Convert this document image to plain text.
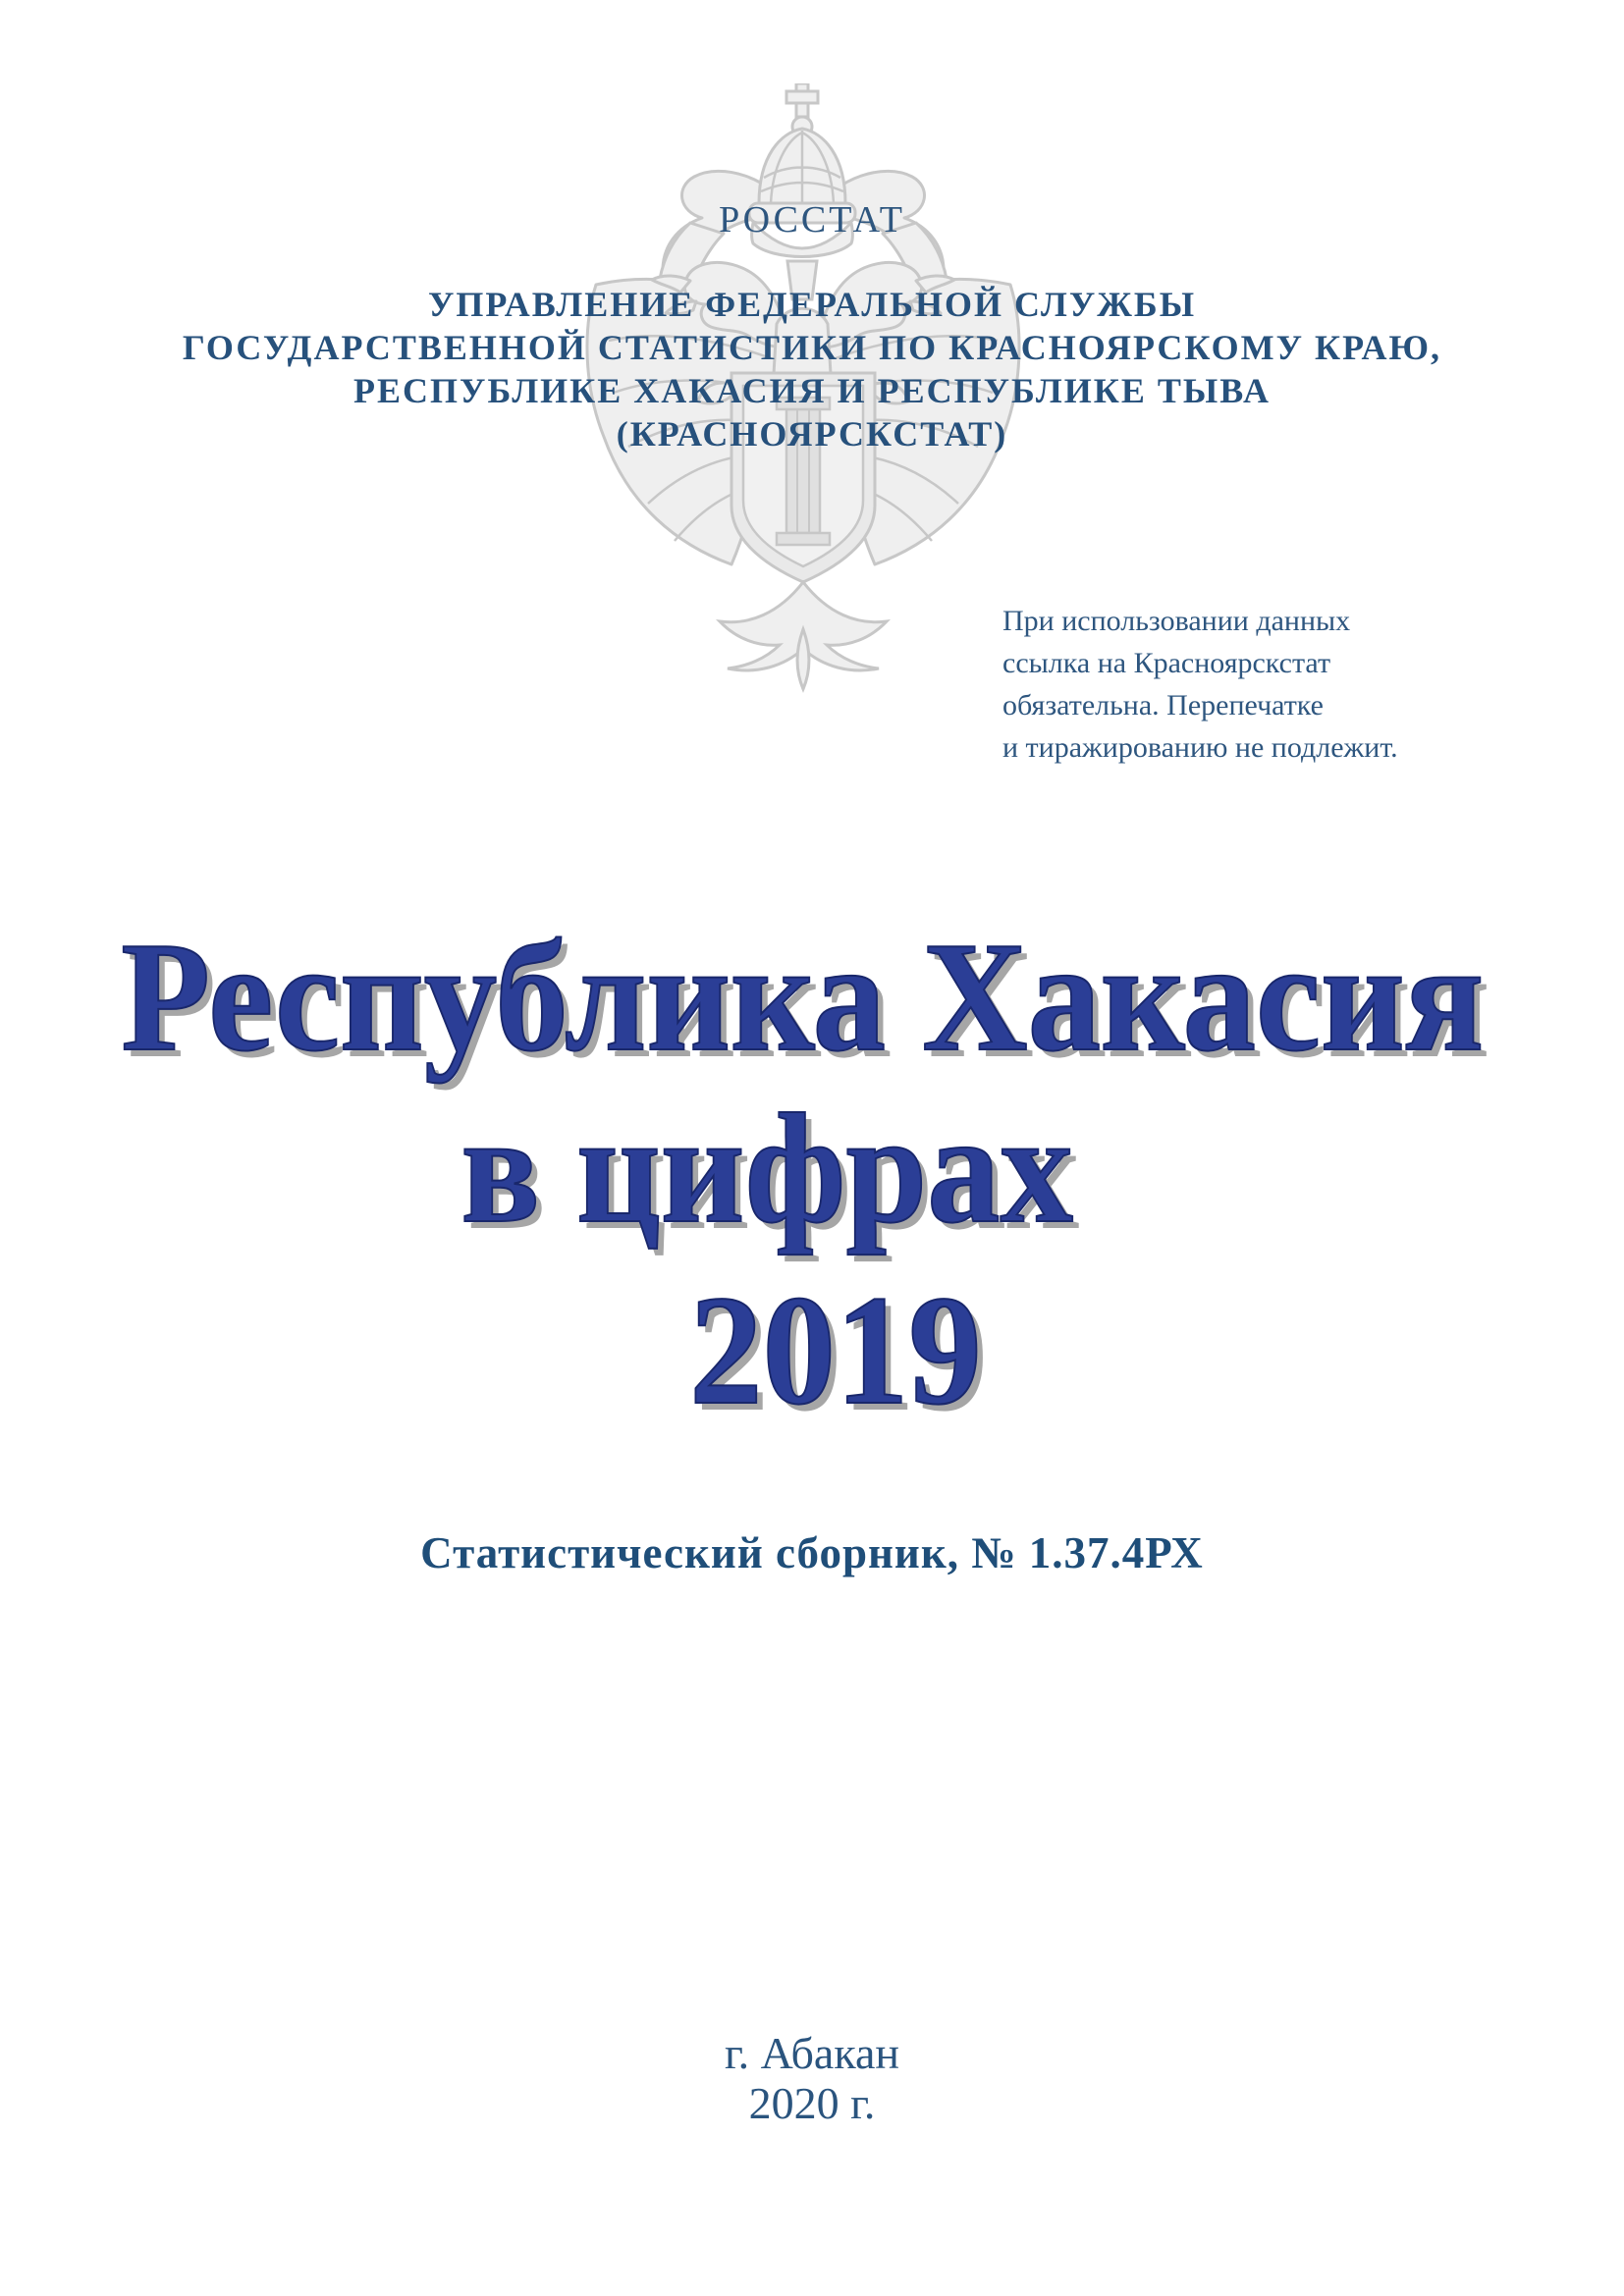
РОССТАТ
УПРАВЛЕНИЕ ФЕДЕРАЛЬНОЙ СЛУЖБЫ
ГОСУДАРСТВЕННОЙ СТАТИСТИКИ ПО КРАСНОЯРСКОМУ КРАЮ,
РЕСПУБЛИКЕ ХАКАСИЯ И РЕСПУБЛИКЕ ТЫВА
(КРАСНОЯРСКСТАТ)
При использовании данных
ссылка на Красноярскстат
обязательна. Перепечатке
и тиражированию не подлежит.
Республика Хакасия
в цифрах
2019
Статистический сборник, № 1.37.4РХ
г. Абакан
2020 г.
